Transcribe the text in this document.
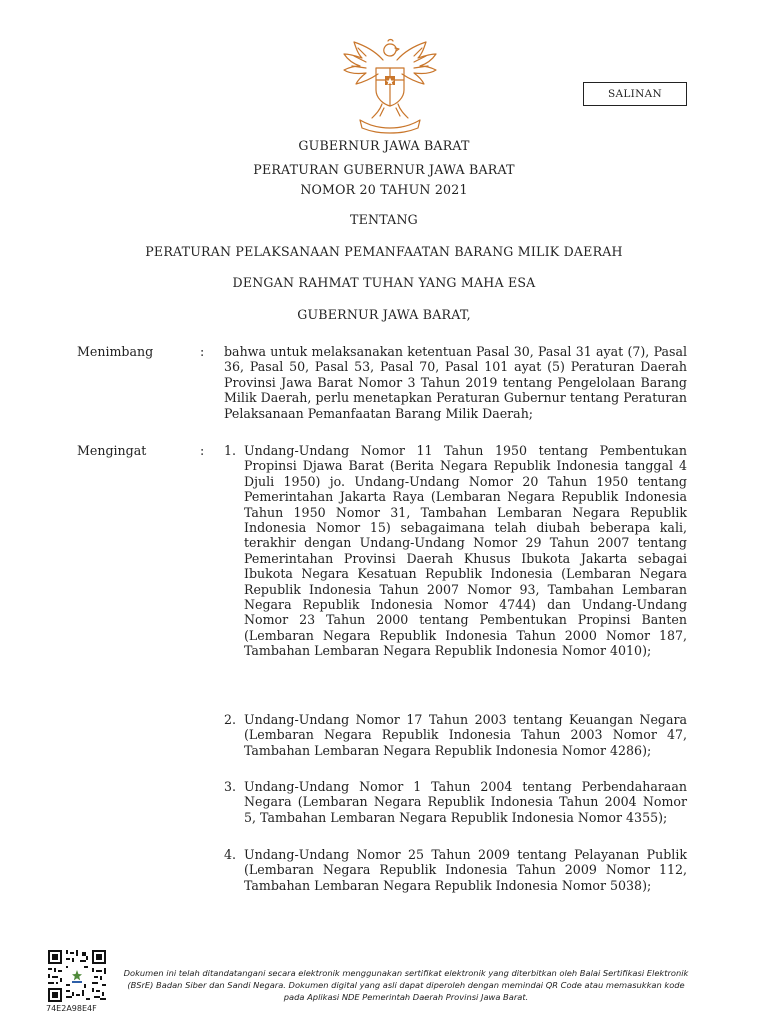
SALINAN
GUBERNUR JAWA BARAT
PERATURAN GUBERNUR JAWA BARAT
NOMOR 20 TAHUN 2021
TENTANG
PERATURAN PELAKSANAAN PEMANFAATAN BARANG MILIK DAERAH
DENGAN RAHMAT TUHAN YANG MAHA ESA
GUBERNUR JAWA BARAT,
Menimbang	: bahwa untuk melaksanakan ketentuan Pasal 30, Pasal 31 ayat (7), Pasal 36, Pasal 50, Pasal 53, Pasal 70, Pasal 101 ayat (5) Peraturan Daerah Provinsi Jawa Barat Nomor 3 Tahun 2019 tentang Pengelolaan Barang Milik Daerah, perlu menetapkan Peraturan Gubernur tentang Peraturan Pelaksanaan Pemanfaatan Barang Milik Daerah;
Mengingat	: 1. Undang-Undang Nomor 11 Tahun 1950 tentang Pembentukan Propinsi Djawa Barat (Berita Negara Republik Indonesia tanggal 4 Djuli 1950) jo. Undang-Undang Nomor 20 Tahun 1950 tentang Pemerintahan Jakarta Raya (Lembaran Negara Republik Indonesia Tahun 1950 Nomor 31, Tambahan Lembaran Negara Republik Indonesia Nomor 15) sebagaimana telah diubah beberapa kali, terakhir dengan Undang-Undang Nomor 29 Tahun 2007 tentang Pemerintahan Provinsi Daerah Khusus Ibukota Jakarta sebagai Ibukota Negara Kesatuan Republik Indonesia (Lembaran Negara Republik Indonesia Tahun 2007 Nomor 93, Tambahan Lembaran Negara Republik Indonesia Nomor 4744) dan Undang-Undang Nomor 23 Tahun 2000 tentang Pembentukan Propinsi Banten (Lembaran Negara Republik Indonesia Tahun 2000 Nomor 187, Tambahan Lembaran Negara Republik Indonesia Nomor 4010);
2. Undang-Undang Nomor 17 Tahun 2003 tentang Keuangan Negara (Lembaran Negara Republik Indonesia Tahun 2003 Nomor 47, Tambahan Lembaran Negara Republik Indonesia Nomor 4286);
3. Undang-Undang Nomor 1 Tahun 2004 tentang Perbendaharaan Negara (Lembaran Negara Republik Indonesia Tahun 2004 Nomor 5, Tambahan Lembaran Negara Republik Indonesia Nomor 4355);
4. Undang-Undang Nomor 25 Tahun 2009 tentang Pelayanan Publik (Lembaran Negara Republik Indonesia Tahun 2009 Nomor 112, Tambahan Lembaran Negara Republik Indonesia Nomor 5038);
74E2A98E4F
Dokumen ini telah ditandatangani secara elektronik menggunakan sertifikat elektronik yang diterbitkan oleh Balai Sertifikasi Elektronik (BSrE) Badan Siber dan Sandi Negara. Dokumen digital yang asli dapat diperoleh dengan memindai QR Code atau memasukkan kode pada Aplikasi NDE Pemerintah Daerah Provinsi Jawa Barat.
